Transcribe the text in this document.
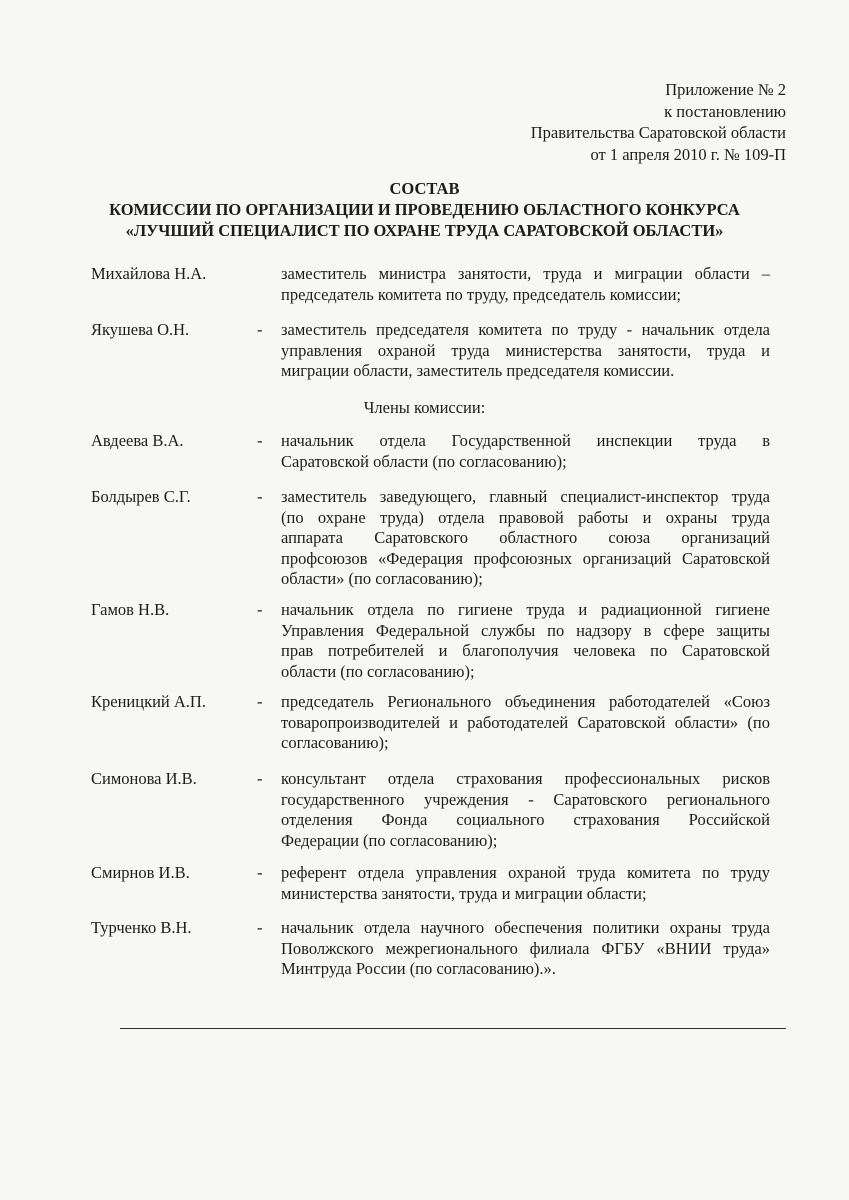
Приложение № 2
к постановлению
Правительства Саратовской области
от 1 апреля 2010 г. № 109-П
СОСТАВ
КОМИССИИ ПО ОРГАНИЗАЦИИ И ПРОВЕДЕНИЮ ОБЛАСТНОГО КОНКУРСА
«ЛУЧШИЙ СПЕЦИАЛИСТ ПО ОХРАНЕ ТРУДА САРАТОВСКОЙ ОБЛАСТИ»
Михайлова Н.А.	заместитель министра занятости, труда и миграции области –
председатель комитета по труду, председатель комиссии;
Якушева О.Н.	- заместитель председателя комитета по труду - начальник отдела
управления охраной труда министерства занятости, труда и
миграции области, заместитель председателя комиссии.
Члены комиссии:
Авдеева В.А.	- начальник отдела Государственной инспекции труда в
Саратовской области (по согласованию);
Болдырев С.Г.	- заместитель заведующего, главный специалист-инспектор труда
(по охране труда) отдела правовой работы и охраны труда
аппарата Саратовского областного союза организаций
профсоюзов «Федерация профсоюзных организаций Саратовской
области» (по согласованию);
Гамов Н.В.	- начальник отдела по гигиене труда и радиационной гигиене
Управления Федеральной службы по надзору в сфере защиты
прав потребителей и благополучия человека по Саратовской
области (по согласованию);
Креницкий А.П.	- председатель Регионального объединения работодателей «Союз
товаропроизводителей и работодателей Саратовской области» (по
согласованию);
Симонова И.В.	- консультант отдела страхования профессиональных рисков
государственного учреждения - Саратовского регионального
отделения Фонда социального страхования Российской
Федерации (по согласованию);
Смирнов И.В.	- референт отдела управления охраной труда комитета по труду
министерства занятости, труда и миграции области;
Турченко В.Н.	- начальник отдела научного обеспечения политики охраны труда
Поволжского межрегионального филиала ФГБУ «ВНИИ труда»
Минтруда России (по согласованию).».
